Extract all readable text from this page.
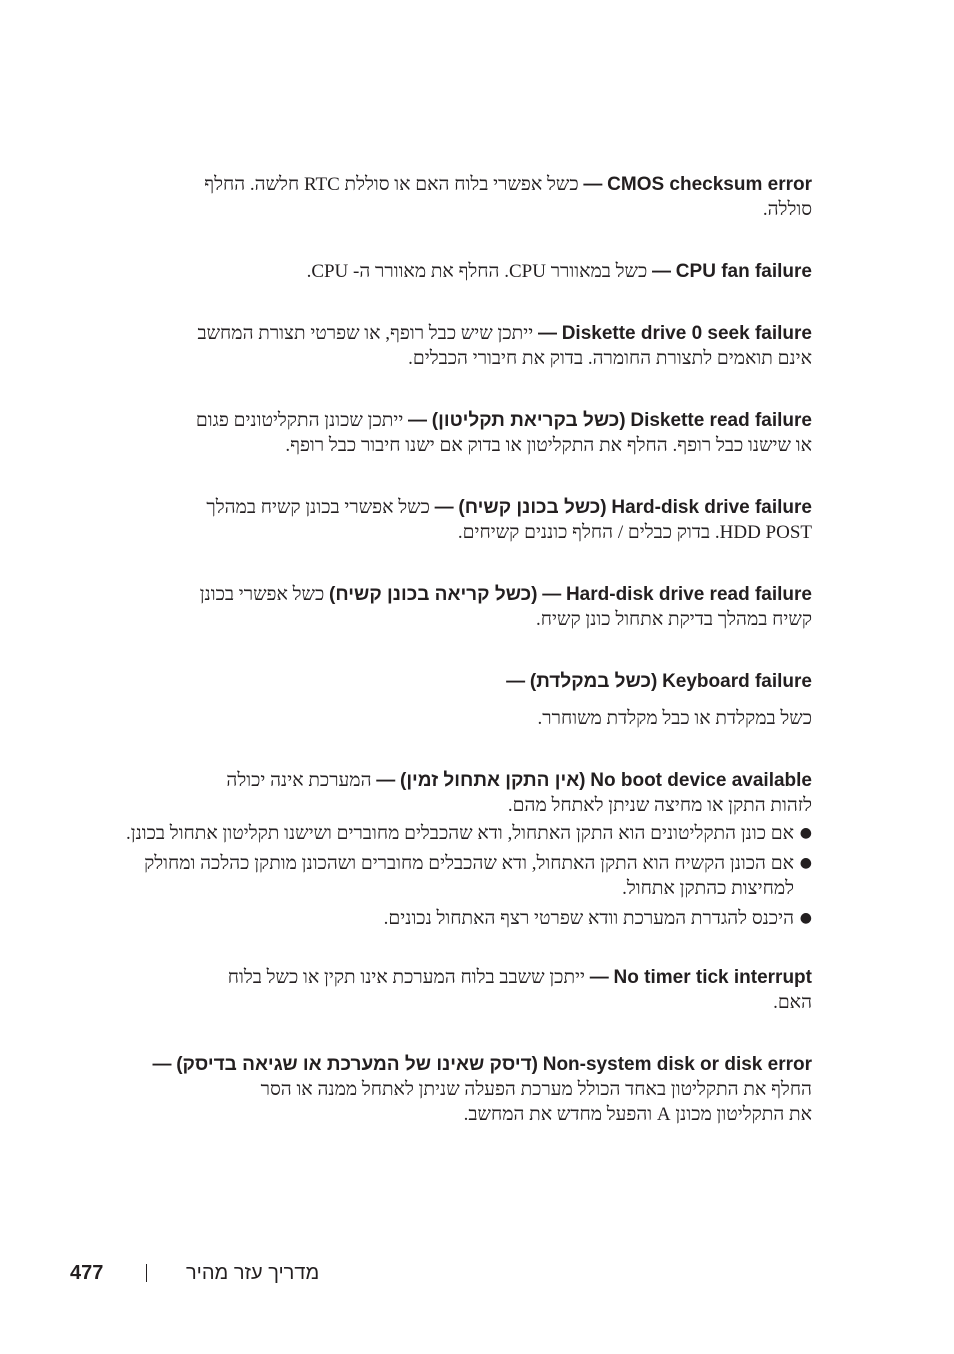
CMOS checksum error — כשל אפשרי בלוח האם או סוללת RTC חלשה. החלף

סוללה.

CPU fan failure — כשל במאוורר CPU. החלף את מאוורר ה- CPU.

Diskette drive 0 seek failure — ייתכן שיש כבל רופף, או שפרטי תצורת המחשב

אינם תואמים לתצורת החומרה. בדוק את חיבורי הכבלים.

Diskette read failure (כשל בקריאת תקליטון) — ייתכן שכונן התקליטונים פגום

או שישנו כבל רופף. החלף את התקליטון או בדוק אם ישנו חיבור כבל רופף.

Hard-disk drive failure (כשל בכונן קשיח) — כשל אפשרי בכונן קשיח במהלך

HDD POST. בדוק כבלים / החלף כוננים קשיחים.

Hard-disk drive read failure — (כשל קריאה בכונן קשיח) כשל אפשרי בכונן

קשיח במהלך בדיקת אתחול כונן קשיח.

Keyboard failure (כשל במקלדת) —

כשל במקלדת או כבל מקלדת משוחרר.

No boot device available (אין התקן אתחול זמין) — המערכת אינה יכולה

לזהות התקן או מחיצה שניתן לאתחל מהם.

●
אם כונן התקליטונים הוא התקן האתחול, ודא שהכבלים מחוברים ושישנו תקליטון אתחול בכונן.
●
אם הכונן הקשיח הוא התקן האתחול, ודא שהכבלים מחוברים ושהכונן מותקן כהלכה ומחולק למחיצות כהתקן אתחול.
●
היכנס להגדרת המערכת וודא שפרטי רצף האתחול נכונים.

No timer tick interrupt — ייתכן ששבב בלוח המערכת אינו תקין או כשל בלוח

האם.

Non-system disk or disk error (דיסק שאינו של המערכת או שגיאה בדיסק) — החלף את התקליטון באחד הכולל מערכת הפעלה שניתן לאתחל ממנה או הסר

את התקליטון מכונן A והפעל מחדש את המחשב.

477	מדריך עזר מהיר
